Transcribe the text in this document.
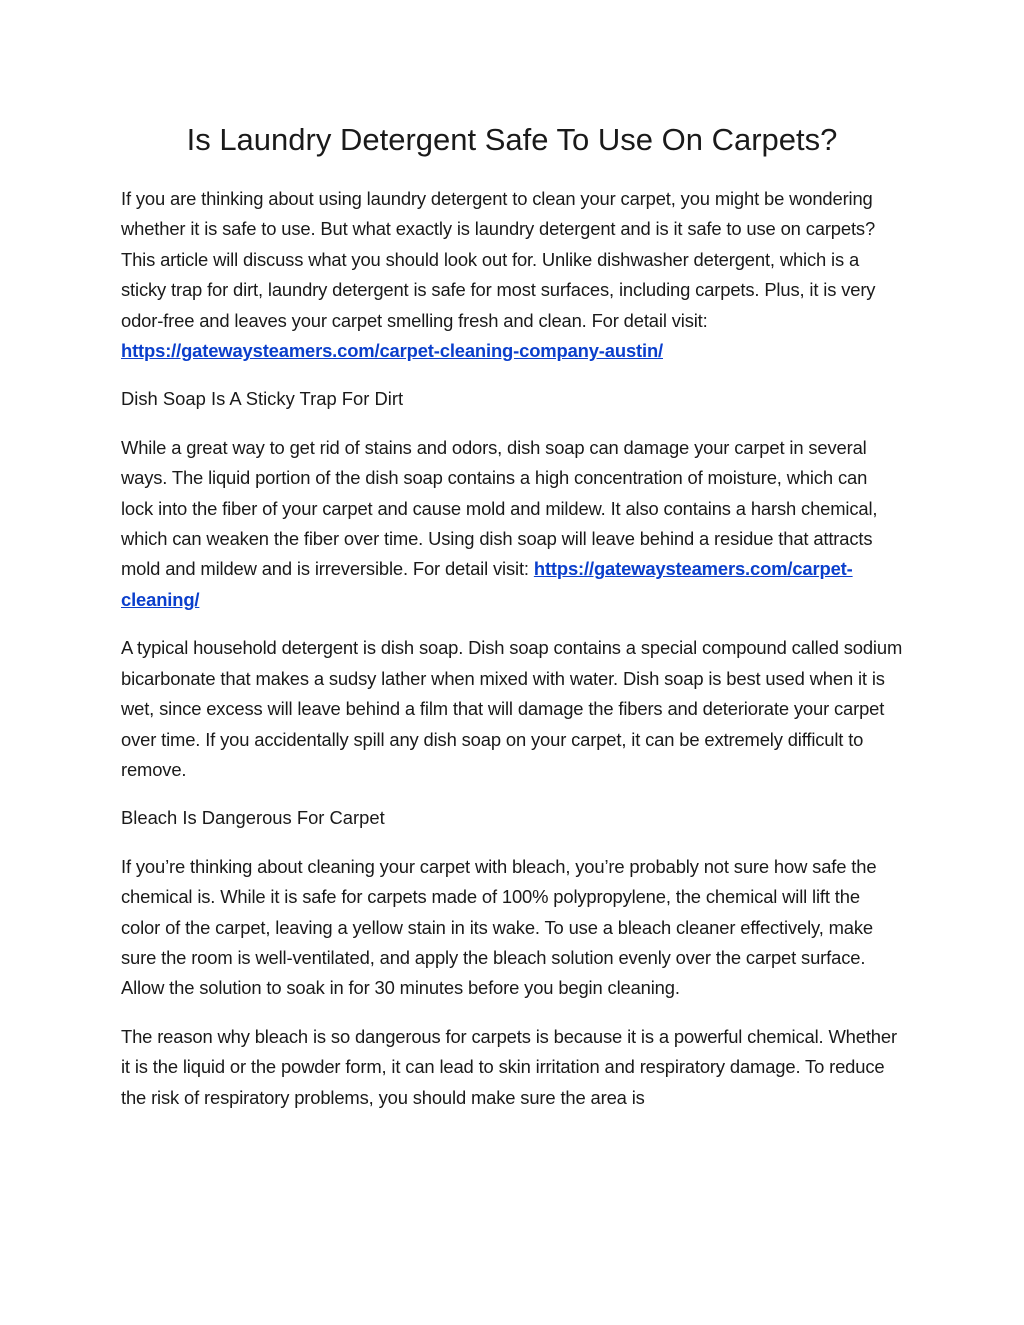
Is Laundry Detergent Safe To Use On Carpets?

If you are thinking about using laundry detergent to clean your carpet, you might be wondering whether it is safe to use. But what exactly is laundry detergent and is it safe to use on carpets? This article will discuss what you should look out for. Unlike dishwasher detergent, which is a sticky trap for dirt, laundry detergent is safe for most surfaces, including carpets. Plus, it is very odor-free and leaves your carpet smelling fresh and clean. For detail visit: https://gatewaysteamers.com/carpet-cleaning-company-austin/

Dish Soap Is A Sticky Trap For Dirt

While a great way to get rid of stains and odors, dish soap can damage your carpet in several ways. The liquid portion of the dish soap contains a high concentration of moisture, which can lock into the fiber of your carpet and cause mold and mildew. It also contains a harsh chemical, which can weaken the fiber over time. Using dish soap will leave behind a residue that attracts mold and mildew and is irreversible. For detail visit: https://gatewaysteamers.com/carpet-cleaning/

A typical household detergent is dish soap. Dish soap contains a special compound called sodium bicarbonate that makes a sudsy lather when mixed with water. Dish soap is best used when it is wet, since excess will leave behind a film that will damage the fibers and deteriorate your carpet over time. If you accidentally spill any dish soap on your carpet, it can be extremely difficult to remove.

Bleach Is Dangerous For Carpet

If you’re thinking about cleaning your carpet with bleach, you’re probably not sure how safe the chemical is. While it is safe for carpets made of 100% polypropylene, the chemical will lift the color of the carpet, leaving a yellow stain in its wake. To use a bleach cleaner effectively, make sure the room is well-ventilated, and apply the bleach solution evenly over the carpet surface. Allow the solution to soak in for 30 minutes before you begin cleaning.

The reason why bleach is so dangerous for carpets is because it is a powerful chemical. Whether it is the liquid or the powder form, it can lead to skin irritation and respiratory damage. To reduce the risk of respiratory problems, you should make sure the area is
